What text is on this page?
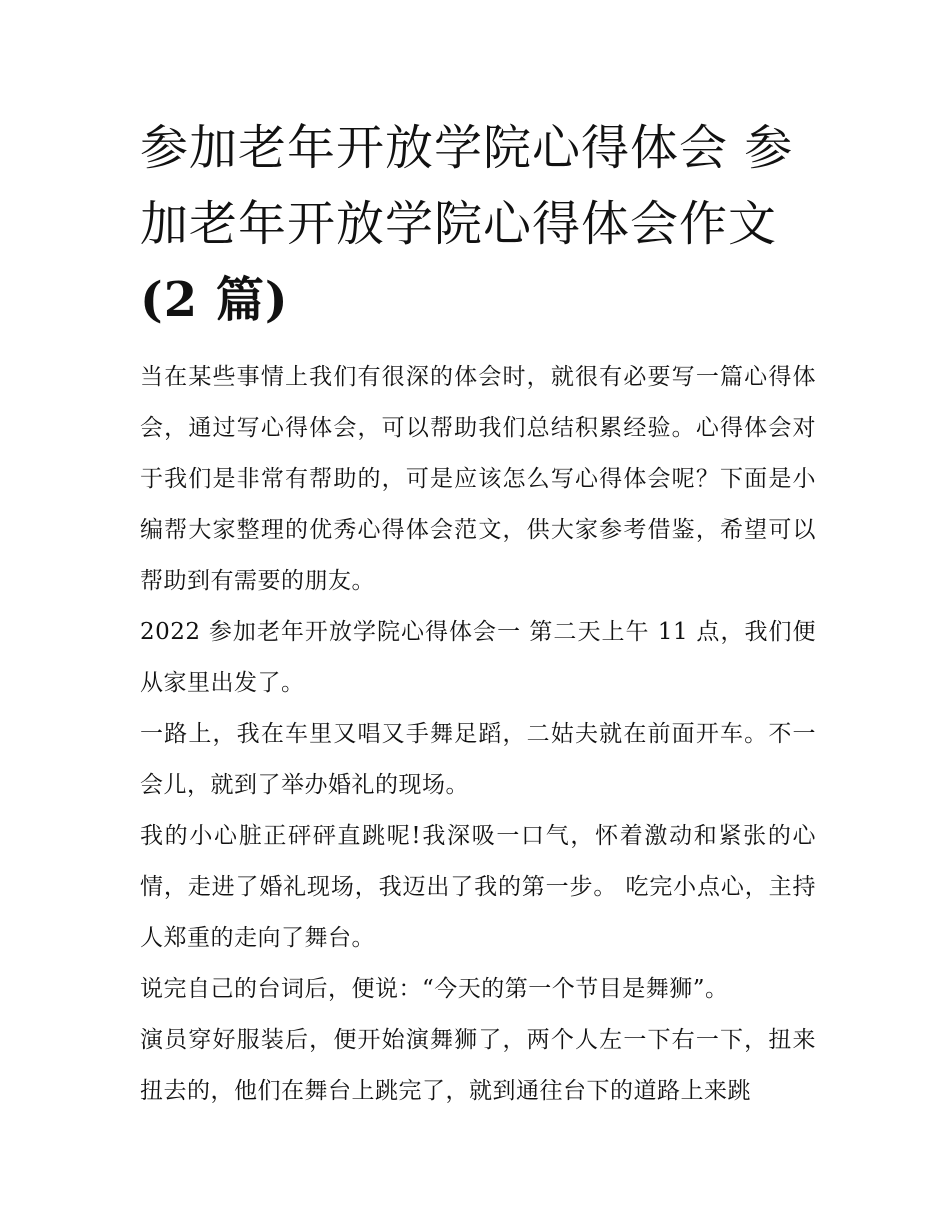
参加老年开放学院心得体会 参
加老年开放学院心得体会作文
(2 篇)

当在某些事情上我们有很深的体会时，就很有必要写一篇心得体会，通过写心得体会，可以帮助我们总结积累经验。心得体会对于我们是非常有帮助的，可是应该怎么写心得体会呢？下面是小编帮大家整理的优秀心得体会范文，供大家参考借鉴，希望可以帮助到有需要的朋友。

2022 参加老年开放学院心得体会一 第二天上午 11 点，我们便从家里出发了。

一路上，我在车里又唱又手舞足蹈，二姑夫就在前面开车。不一会儿，就到了举办婚礼的现场。

我的小心脏正砰砰直跳呢!我深吸一口气，怀着激动和紧张的心情，走进了婚礼现场，我迈出了我的第一步。 吃完小点心，主持人郑重的走向了舞台。

说完自己的台词后，便说：“今天的第一个节目是舞狮”。

演员穿好服装后，便开始演舞狮了，两个人左一下右一下，扭来扭去的，他们在舞台上跳完了，就到通往台下的道路上来跳
